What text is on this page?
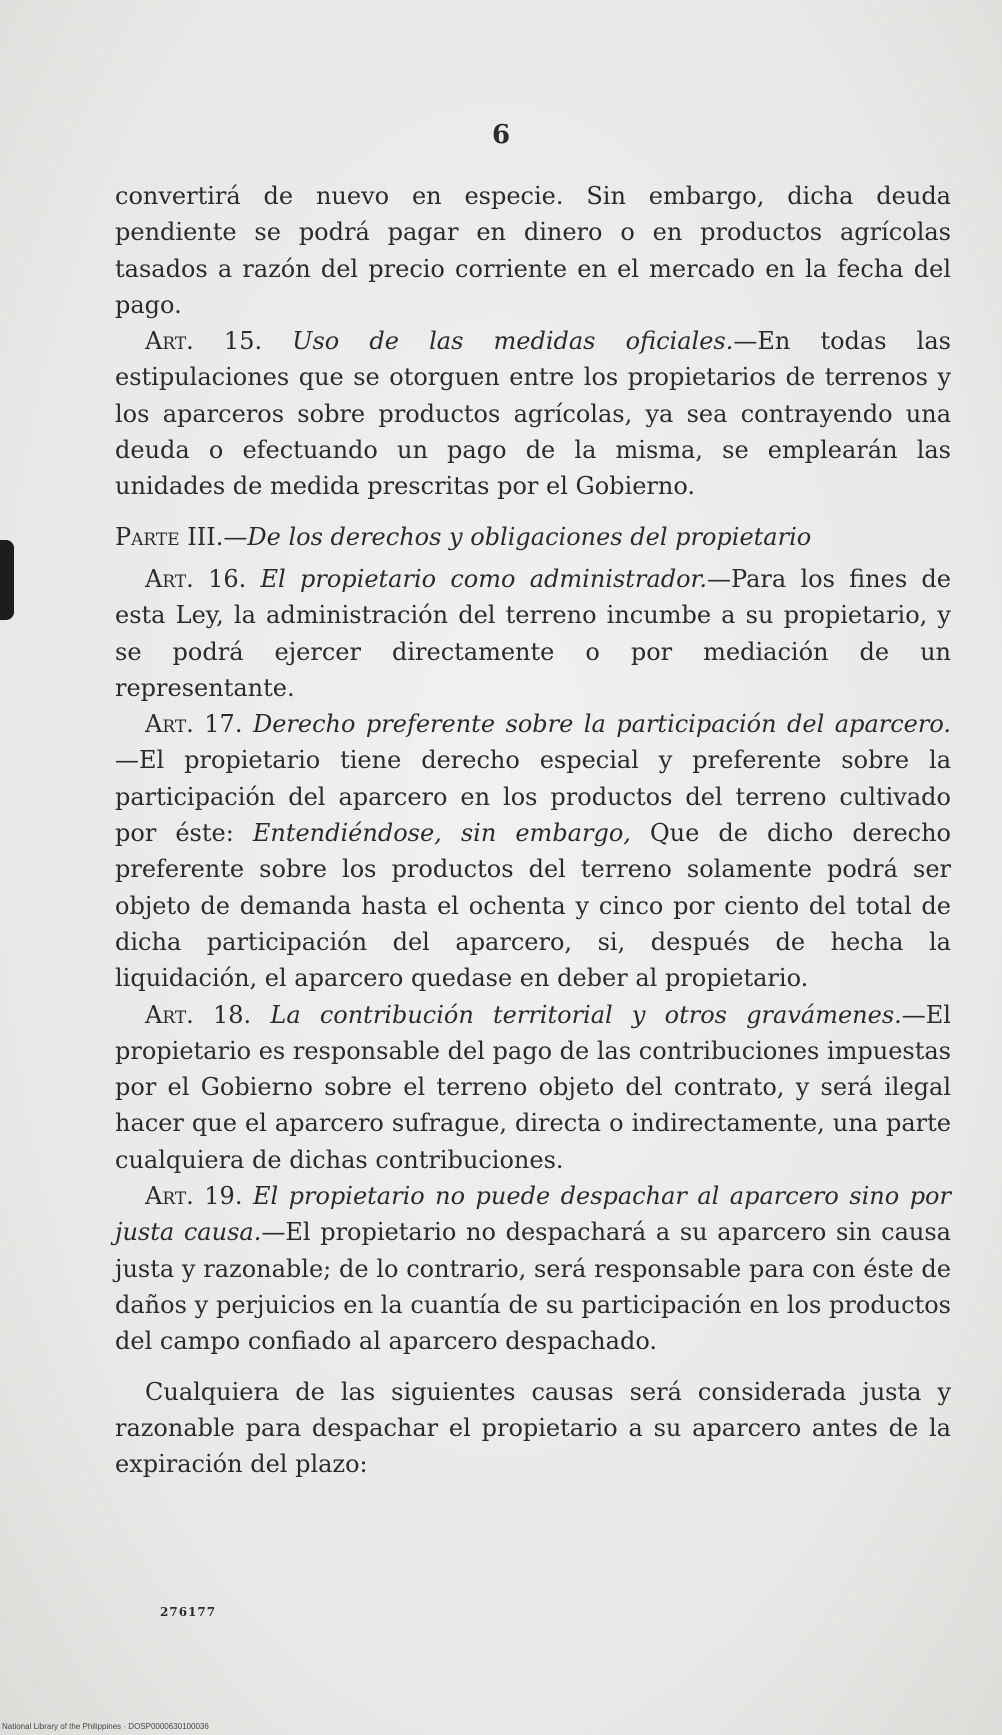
6

convertirá de nuevo en especie. Sin embargo, dicha deuda pendiente se podrá pagar en dinero o en productos agrícolas tasados a razón del precio corriente en el mercado en la fecha del pago.

Art. 15. Uso de las medidas oficiales.—En todas las estipulaciones que se otorguen entre los propietarios de terrenos y los aparceros sobre productos agrícolas, ya sea contrayendo una deuda o efectuando un pago de la misma, se emplearán las unidades de medida prescritas por el Gobierno.

Parte III.—De los derechos y obligaciones del propietario

Art. 16. El propietario como administrador.—Para los fines de esta Ley, la administración del terreno incumbe a su propietario, y se podrá ejercer directamente o por mediación de un representante.

Art. 17. Derecho preferente sobre la participación del aparcero.—El propietario tiene derecho especial y preferente sobre la participación del aparcero en los productos del terreno cultivado por éste: Entendiéndose, sin embargo, Que de dicho derecho preferente sobre los productos del terreno solamente podrá ser objeto de demanda hasta el ochenta y cinco por ciento del total de dicha participación del aparcero, si, después de hecha la liquidación, el aparcero quedase en deber al propietario.

Art. 18. La contribución territorial y otros gravámenes.—El propietario es responsable del pago de las contribuciones impuestas por el Gobierno sobre el terreno objeto del contrato, y será ilegal hacer que el aparcero sufrague, directa o indirectamente, una parte cualquiera de dichas contribuciones.

Art. 19. El propietario no puede despachar al aparcero sino por justa causa.—El propietario no despachará a su aparcero sin causa justa y razonable; de lo contrario, será responsable para con éste de daños y perjuicios en la cuantía de su participación en los productos del campo confiado al aparcero despachado.

Cualquiera de las siguientes causas será considerada justa y razonable para despachar el propietario a su aparcero antes de la expiración del plazo:

276177
National Library of the Philippines · DOSP0000630100036
